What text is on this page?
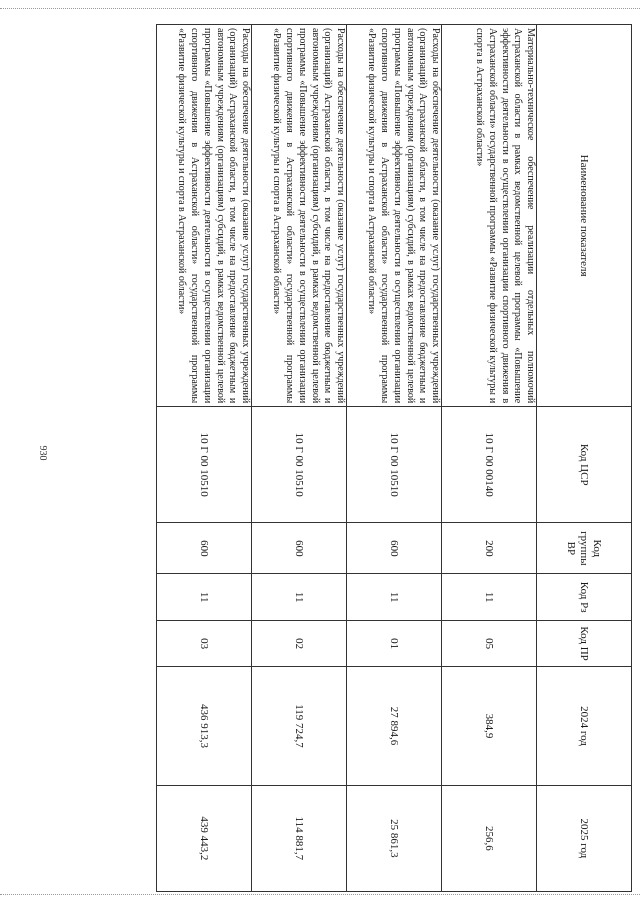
930
Наименование показателя	Код ЦСР	Код группы ВР	Код Рз	Код ПР	2024 год	2025 год
Материально-техническое обеспечение реализации отдельных полномочий Астраханской области в рамках ведомственной целевой программы «Повышение эффективности деятельности в осуществлении организации спортивного движения в Астраханской области» государственной программы «Развитие физической культуры и спорта в Астраханской области»	10 Г 00 00140	200	11	05	384,9	256,6
Расходы на обеспечение деятельности (оказание услуг) государственных учреждений (организаций) Астраханской области, в том числе на предоставление бюджетным и автономным учреждениям (организациям) субсидий, в рамках ведомственной целевой программы «Повышение эффективности деятельности в осуществлении организации спортивного движения в Астраханской области» государственной программы «Развитие физической культуры и спорта в Астраханской области»	10 Г 00 10510	600	11	01	27 894,6	25 861,3
Расходы на обеспечение деятельности (оказание услуг) государственных учреждений (организаций) Астраханской области, в том числе на предоставление бюджетным и автономным учреждениям (организациям) субсидий, в рамках ведомственной целевой программы «Повышение эффективности деятельности в осуществлении организации спортивного движения в Астраханской области» государственной программы «Развитие физической культуры и спорта в Астраханской области»	10 Г 00 10510	600	11	02	119 724,7	114 881,7
Расходы на обеспечение деятельности (оказание услуг) государственных учреждений (организаций) Астраханской области, в том числе на предоставление бюджетным и автономным учреждениям (организациям) субсидий, в рамках ведомственной целевой программы «Повышение эффективности деятельности в осуществлении организации спортивного движения в Астраханской области» государственной программы «Развитие физической культуры и спорта в Астраханской области»	10 Г 00 10510	600	11	03	436 913,3	439 443,2
